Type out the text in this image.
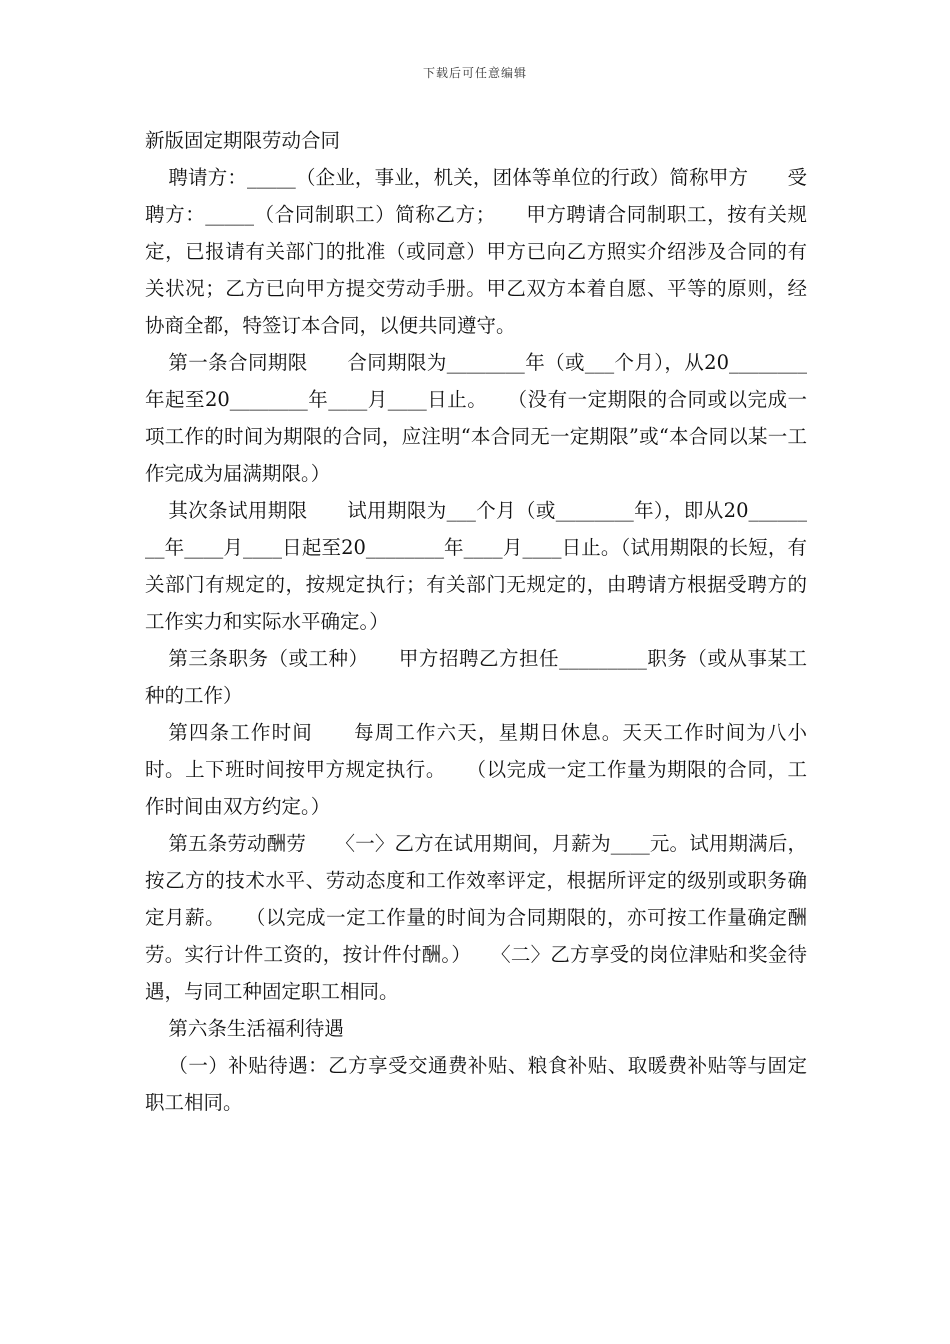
下载后可任意编辑

新版固定期限劳动合同

聘请方：_____（企业，事业，机关，团体等单位的行政）简称甲方　　受聘方：_____（合同制职工）简称乙方；　　甲方聘请合同制职工，按有关规定，已报请有关部门的批准（或同意）甲方已向乙方照实介绍涉及合同的有关状况；乙方已向甲方提交劳动手册。甲乙双方本着自愿、平等的原则，经协商全都，特签订本合同，以便共同遵守。

第一条合同期限　　合同期限为________年（或___个月），从20________年起至20________年____月____日止。　　（没有一定期限的合同或以完成一项工作的时间为期限的合同，应注明“本合同无一定期限”或“本合同以某一工作完成为届满期限。）

其次条试用期限　　试用期限为___个月（或________年），即从20________年____月____日起至20________年____月____日止。（试用期限的长短，有关部门有规定的，按规定执行；有关部门无规定的，由聘请方根据受聘方的工作实力和实际水平确定。）

第三条职务（或工种）　　甲方招聘乙方担任_________职务（或从事某工种的工作）

第四条工作时间　　每周工作六天，星期日休息。天天工作时间为八小时。上下班时间按甲方规定执行。　　（以完成一定工作量为期限的合同，工作时间由双方约定。）

第五条劳动酬劳　　〈一〉乙方在试用期间，月薪为____元。试用期满后，按乙方的技术水平、劳动态度和工作效率评定，根据所评定的级别或职务确定月薪。　　（以完成一定工作量的时间为合同期限的，亦可按工作量确定酬劳。实行计件工资的，按计件付酬。）　　〈二〉乙方享受的岗位津贴和奖金待遇，与同工种固定职工相同。

第六条生活福利待遇

（一）补贴待遇：乙方享受交通费补贴、粮食补贴、取暖费补贴等与固定职工相同。
